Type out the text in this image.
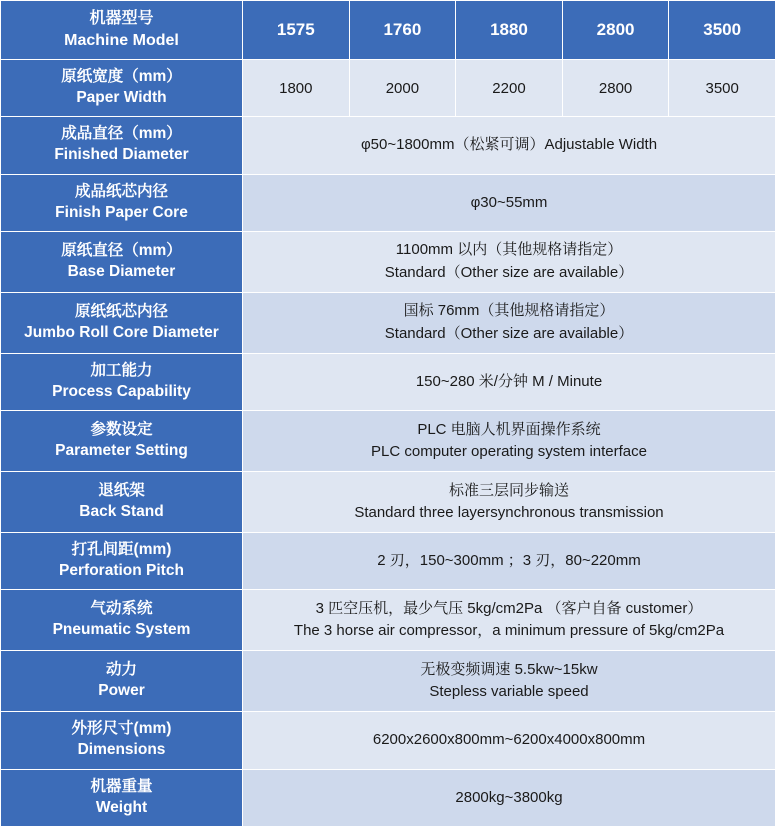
机器型号
Machine Model	1575	1760	1880	2800	3500

原纸宽度（mm）
Paper Width	1800	2000	2200	2800	3500

成品直径（mm）
Finished Diameter	φ50~1800mm（松紧可调）Adjustable Width				

成品纸芯内径
Finish Paper Core	φ30~55mm				

原纸直径（mm）
Base Diameter	1100mm 以内（其他规格请指定）
Standard（Other size are available）				

原纸纸芯内径
Jumbo Roll Core Diameter	国标 76mm（其他规格请指定）
Standard（Other size are available）				

加工能力
Process Capability	150~280 米/分钟 M / Minute				

参数设定
Parameter Setting	PLC 电脑人机界面操作系统
PLC computer operating system interface				

退纸架
Back Stand	标准三层同步输送
Standard three layersynchronous transmission				

打孔间距(mm)
Perforation Pitch	2 刃，150~300mm ；3 刃，80~220mm				

气动系统
Pneumatic System	3 匹空压机，最少气压 5kg/cm2Pa （客户自备 customer）
The 3 horse air compressor，a minimum pressure of 5kg/cm2Pa				

动力
Power	无极变频调速 5.5kw~15kw
Stepless variable speed				

外形尺寸(mm)
Dimensions	6200x2600x800mm~6200x4000x800mm				

机器重量
Weight	2800kg~3800kg				
